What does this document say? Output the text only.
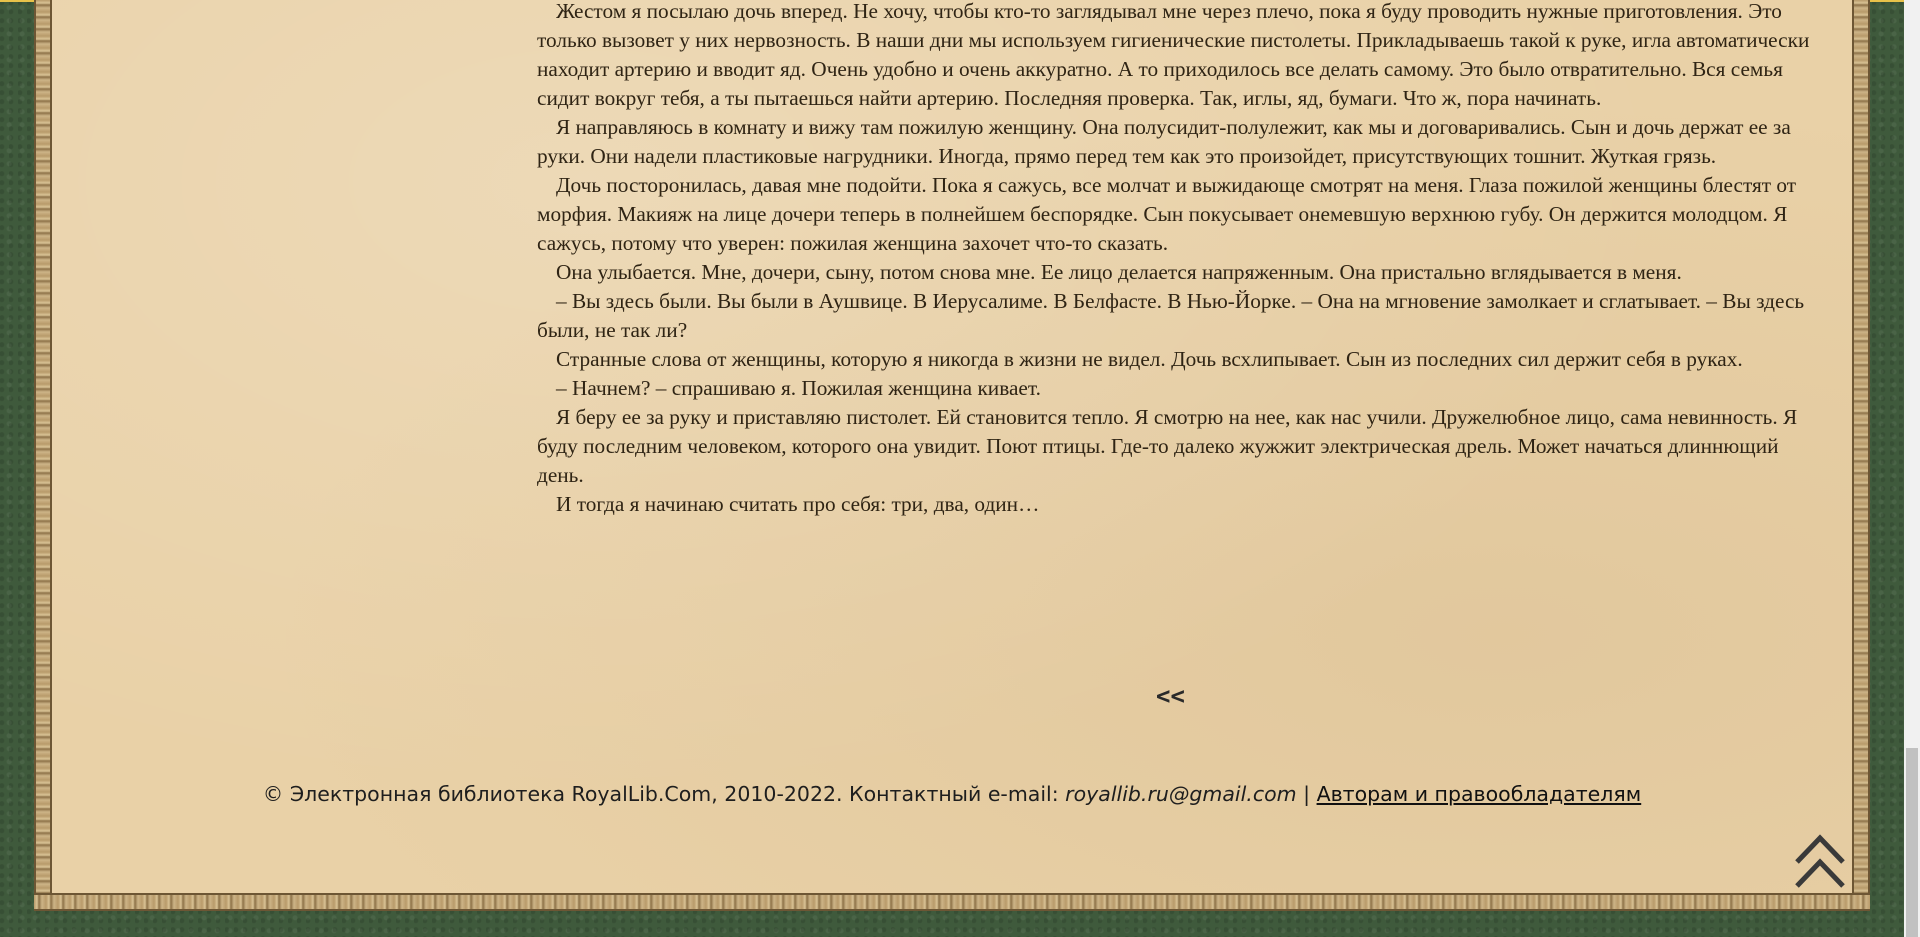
Жестом я посылаю дочь вперед. Не хочу, чтобы кто-то заглядывал мне через плечо, пока я буду проводить нужные приготовления. Это только вызовет у них нервозность. В наши дни мы используем гигиенические пистолеты. Прикладываешь такой к руке, игла автоматически находит артерию и вводит яд. Очень удобно и очень аккуратно. А то приходилось все делать самому. Это было отвратительно. Вся семья сидит вокруг тебя, а ты пытаешься найти артерию. Последняя проверка. Так, иглы, яд, бумаги. Что ж, пора начинать.

Я направляюсь в комнату и вижу там пожилую женщину. Она полусидит-полулежит, как мы и договаривались. Сын и дочь держат ее за руки. Они надели пластиковые нагрудники. Иногда, прямо перед тем как это произойдет, присутствующих тошнит. Жуткая грязь.

Дочь посторонилась, давая мне подойти. Пока я сажусь, все молчат и выжидающе смотрят на меня. Глаза пожилой женщины блестят от морфия. Макияж на лице дочери теперь в полнейшем беспорядке. Сын покусывает онемевшую верхнюю губу. Он держится молодцом. Я сажусь, потому что уверен: пожилая женщина захочет что-то сказать.

Она улыбается. Мне, дочери, сыну, потом снова мне. Ее лицо делается напряженным. Она пристально вглядывается в меня.

– Вы здесь были. Вы были в Аушвице. В Иерусалиме. В Белфасте. В Нью-Йорке. – Она на мгновение замолкает и сглатывает. – Вы здесь были, не так ли?

Странные слова от женщины, которую я никогда в жизни не видел. Дочь всхлипывает. Сын из последних сил держит себя в руках.

– Начнем? – спрашиваю я. Пожилая женщина кивает.

Я беру ее за руку и приставляю пистолет. Ей становится тепло. Я смотрю на нее, как нас учили. Дружелюбное лицо, сама невинность. Я буду последним человеком, которого она увидит. Поют птицы. Где-то далеко жужжит электрическая дрель. Может начаться длиннющий день.

И тогда я начинаю считать про себя: три, два, один…

<<
© Электронная библиотека RoyalLib.Com, 2010-2022. Контактный e-mail: royallib.ru@gmail.com | Авторам и правообладателям
